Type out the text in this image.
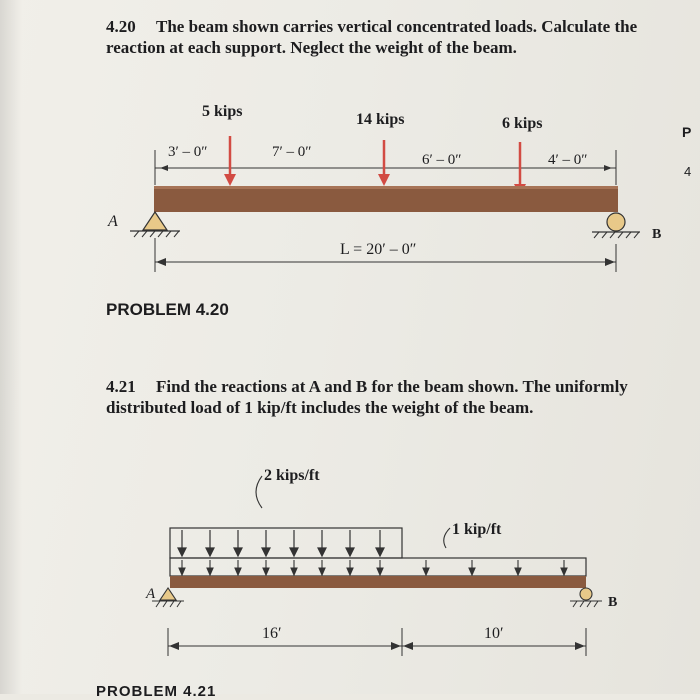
4.20 The beam shown carries vertical concentrated loads. Calculate the reaction at each support. Neglect the weight of the beam.
3′ – 0″	7′ – 0″	6′ – 0″	4′ – 0″
5 kips	14 kips	6 kips
A
B
L = 20′ – 0″
PROBLEM 4.20
4.21 Find the reactions at A and B for the beam shown. The uniformly distributed load of 1 kip/ft includes the weight of the beam.
2 kips/ft
1 kip/ft
A
B
16′	10′
PROBLEM 4.21
P
4
